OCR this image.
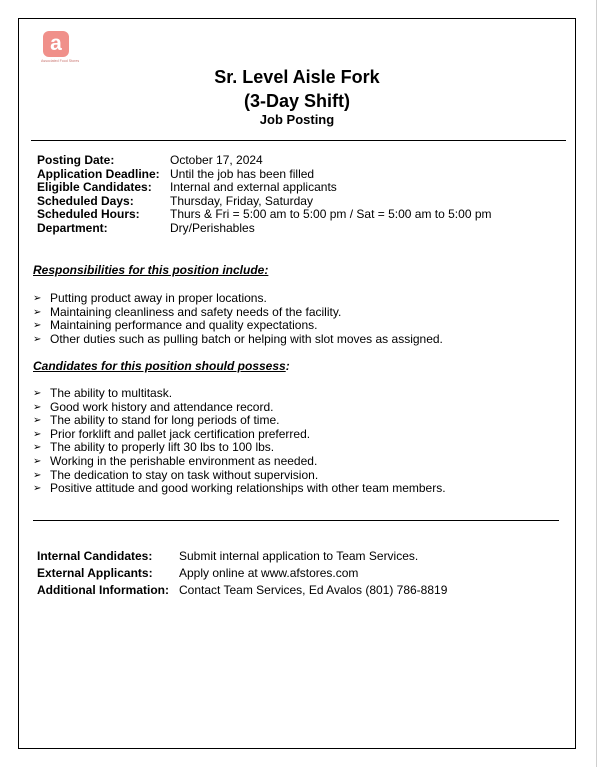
a
Associated Food Stores
Sr. Level Aisle Fork
(3-Day Shift)
Job Posting
Posting Date:	October 17, 2024
Application Deadline: Until the job has been filled
Eligible Candidates:	Internal and external applicants
Scheduled Days:	Thursday, Friday, Saturday
Scheduled Hours:	Thurs & Fri = 5:00 am to 5:00 pm / Sat = 5:00 am to 5:00 pm
Department:	Dry/Perishables
Responsibilities for this position include:
➢ Putting product away in proper locations.
➢ Maintaining cleanliness and safety needs of the facility.
➢ Maintaining performance and quality expectations.
➢ Other duties such as pulling batch or helping with slot moves as assigned.
Candidates for this position should possess:
➢ The ability to multitask.
➢ Good work history and attendance record.
➢ The ability to stand for long periods of time.
➢ Prior forklift and pallet jack certification preferred.
➢ The ability to properly lift 30 lbs to 100 lbs.
➢ Working in the perishable environment as needed.
➢ The dedication to stay on task without supervision.
➢ Positive attitude and good working relationships with other team members.
Internal Candidates:	Submit internal application to Team Services.
External Applicants:	Apply online at www.afstores.com
Additional Information: Contact Team Services, Ed Avalos (801) 786-8819
